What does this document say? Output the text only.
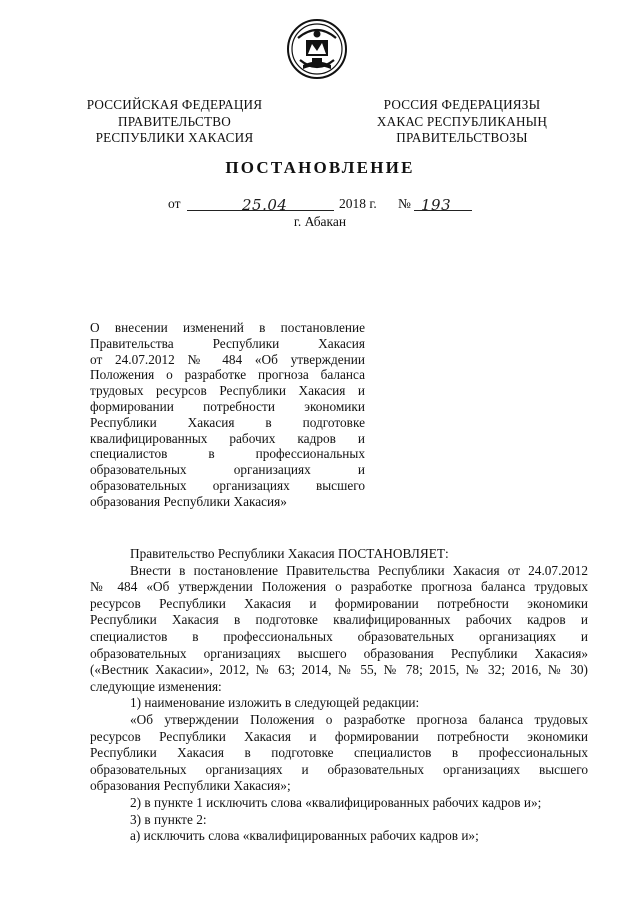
РОССИЙСКАЯ ФЕДЕРАЦИЯ
ПРАВИТЕЛЬСТВО
РЕСПУБЛИКИ ХАКАСИЯ
РОССИЯ ФЕДЕРАЦИЯЗЫ
ХАКАС РЕСПУБЛИКАНЫҢ
ПРАВИТЕЛЬСТВОЗЫ
ПОСТАНОВЛЕНИЕ
от	25.04	2018 г. № 193
г. Абакан
О внесении изменений в постановление
Правительства Республики Хакасия
от 24.07.2012 № 484 «Об утверждении
Положения о разработке прогноза баланса
трудовых ресурсов Республики Хакасия и
формировании потребности экономики
Республики Хакасия в подготовке
квалифицированных рабочих кадров и
специалистов в профессиональных
образовательных организациях и
образовательных организациях высшего
образования Республики Хакасия»
Правительство Республики Хакасия ПОСТАНОВЛЯЕТ:
Внести в постановление Правительства Республики Хакасия от 24.07.2012
№ 484 «Об утверждении Положения о разработке прогноза баланса трудовых
ресурсов Республики Хакасия и формировании потребности экономики
Республики Хакасия в подготовке квалифицированных рабочих кадров и
специалистов в профессиональных образовательных организациях и
образовательных организациях высшего образования Республики Хакасия»
(«Вестник Хакасии», 2012, № 63; 2014, № 55, № 78; 2015, № 32; 2016, № 30)
следующие изменения:
1) наименование изложить в следующей редакции:
«Об утверждении Положения о разработке прогноза баланса трудовых
ресурсов Республики Хакасия и формировании потребности экономики
Республики Хакасия в подготовке специалистов в профессиональных
образовательных организациях и образовательных организациях высшего
образования Республики Хакасия»;
2) в пункте 1 исключить слова «квалифицированных рабочих кадров и»;
3) в пункте 2:
а) исключить слова «квалифицированных рабочих кадров и»;
